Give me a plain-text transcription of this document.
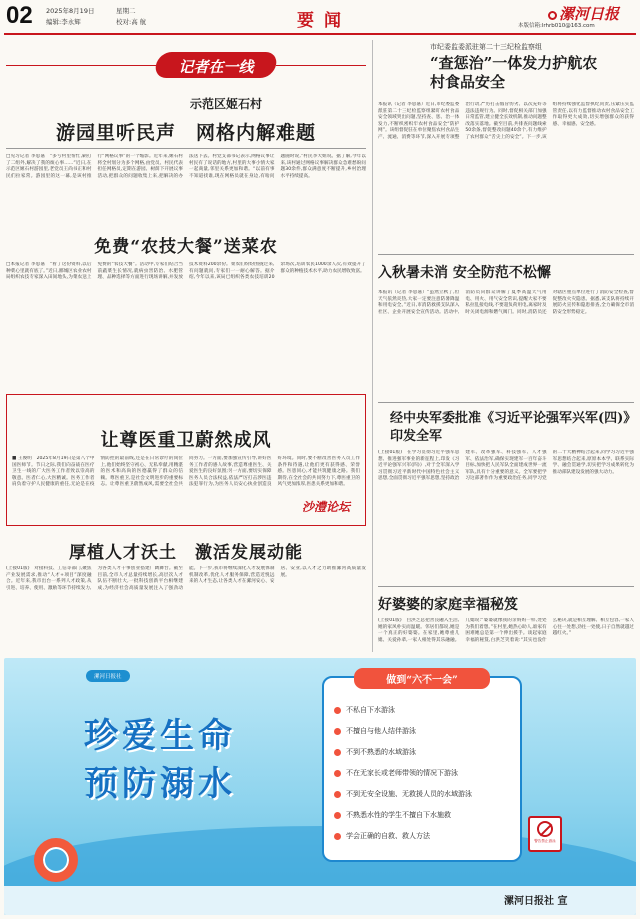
02 2025年8月19日	星期二
编辑:李永辉	校对:高 航	要 闻	漯河日报
本版信箱:lrhrb010@163.com
记者在一线
示范区姬石村
游园里听民声　网格内解难题
□见习记者 李思嘉　“多亏村里帮忙,刷打了二组外,解决了我的烦心事……”近日,在示范区姬石村游园里,老党员王尚书正和村民们拉家常。游园里的这一幕,是该村推行“网格议事”的一个缩影。近年来,姬石村将全村划分为多个网格,由党员、村民代表担任网格员,定期在游园、树荫下开展议事活动,把群众的问题收集上来,把解决的办法送下去。村党支部书记表示,网格议事让村民有了说话的地方,村里的大事小情大家一起商量,邻里关系更加和谐。“以前有事不知道找谁,现在网格员就在身边,有啥问题随时说,”村民李大姐说。据了解,今年以来,该村通过网格议事解决群众急难愁盼问题30余件,群众满意度不断提升,乡村治理水平持续提高。
免费“农技大餐”送菜农
□本报记者 李思嘉　“看了这份资料,以后种菜心里就有底了。”近日,郾城区农业农村局组织农技专家深入田间地头,为菜农送上免费的“农技大餐”。活动中,专家们结合当前蔬菜生长情况,就病虫害防治、水肥管理、品种选择等方面进行现场讲解,并发放技术资料200余份。菜农们纷纷围拢过来,有问题就问,专家们一一耐心解答。据介绍,今年以来,该局已组织各类农技培训20余场次,培训农民1000余人次,有效提升了群众的种植技术水平,助力农民增收致富。
让尊医重卫蔚然成风
■ 王俊明　2025年8月19日是第八个中国医师节。节日之际,我们向奋战在医疗卫生一线的广大医务工作者致以崇高的敬意。医者仁心,大医精诚。医务工作者肩负着守护人民健康的重任,无论是在疫情防控的最前线,还是在日常诊疗的岗位上,他们始终坚守初心、无私奉献,用精湛的医术和高尚的医德赢得了群众的信赖。尊医重卫,是社会文明进步的重要标志。让尊医重卫蔚然成风,需要全社会共同努力。一方面,要加强宣传引导,讲好医务工作者的感人故事,营造尊重医生、关爱医生的良好氛围;另一方面,要切实保障医务人员合法权益,依法严厉打击涉医违法犯罪行为,为医务人员安心执业创造良好环境。同时,要不断改善医务人员工作条件和待遇,让他们更有获得感、荣誉感。医患同心,才能共筑健康之路。我们期待,在全社会的共同努力下,尊医重卫的风气更加浓厚,医患关系更加和谐。
沙澧论坛
厚植人才沃土　激活发展动能
(上接01版)　对接科技、工信等部门,聚焦产业发展需求,推动“人才+项目”深度融合。近年来,我市出台一系列人才政策,从引进、培养、使用、激励等环节持续发力,为各类人才干事创业搭建广阔舞台。截至目前,全市人才总量持续增长,高层次人才队伍不断壮大,一批科技创新平台相继建成,为经济社会高质量发展注入了强劲动能。下一步,我市将继续深化人才发展体制机制改革,优化人才服务保障,营造近悦远来的人才生态,让各类人才在漯河安心、安居、安业,以人才之力助推漯河高质量发展。
市纪委监委派驻第二十三纪检监察组
“查惩治”一体发力护航农村食品安全
本报讯（记者 李思嘉）近日,市纪委监委派驻第二十三纪检监察组紧盯农村食品安全领域突出问题,坚持查、惩、治一体发力,不断织密织牢农村食品安全“防护网”。该组督促驻在单位聚焦农村食品生产、流通、消费等环节,深入开展专项整治行动,严厉打击假冒伪劣、以次充好等违法违规行为。同时,督促相关部门加强日常监管,建立健全长效机制,推动问题整改落实落地。截至目前,共排查问题线索50余条,督促整改问题40余个,有力维护了农村群众“舌尖上的安全”。下一步,该组将持续强化监督执纪问责,压紧压实监管责任,以有力监督推动农村食品安全工作取得更大成效,切实增强群众的获得感、幸福感、安全感。
入秋暑未消 安全防范不松懈
本报讯（记者 李思嘉）“虽然立秋了,但天气依然炎热,大家一定要注意防暑降温和用电安全。”近日,市消防救援支队深入社区、企业开展安全宣传活动。活动中,消防员向群众讲解了夏季高温天气用电、用火、用气安全常识,提醒大家不要私拉乱接电线,不要超负荷用电,离家时及时关闭电源和燃气阀门。同时,消防员还对辖区重点单位进行了消防安全检查,督促整改火灾隐患。据悉,该支队将持续开展防火宣传和隐患排查,全力确保全市消防安全形势稳定。
经中央军委批准《习近平论强军兴军(四)》印发全军
(上接01版)　在学习贯彻习近平强军思想、推进强军事业的新征程上,印发《习近平论强军兴军(四)》,对于全军深入学习贯彻习近平新时代中国特色社会主义思想,全面贯彻习近平强军思想,坚持政治建军、改革强军、科技强军、人才强军、依法治军,确保实现建军一百年奋斗目标,加快把人民军队全面建成世界一流军队,具有十分重要的意义。全军要把学习这部著作作为重要政治任务,同学习党的二十大精神结合起来,同学习习近平强军思想结合起来,原原本本学、联系实际学、融会贯通学,切实把学习成果转化为推动部队建设发展的强大动力。
好婆婆的家庭幸福秘笈
(上接01版)　白洪芝总把善良融入生活,她的家风朴实而温暖。邻居们都说,她是一个真正的好婆婆。在家里,她尊重儿媳、关爱孙辈,一家人相处得其乐融融。儿媳说:“婆婆就像我的亲妈妈一样,处处为我们着想。”在村里,她热心助人,谁家有困难她总是第一个伸出援手。谈起家庭幸福的秘笈,白洪芝笑着说:“其实也没什么秘诀,就是相互理解、相互包容,一家人心往一处想,劲往一处使,日子自然就越过越红火。”
漯河日报社
珍爱生命
预防溺水
做到“六不一会”
不私自下水游泳
不擅自与他人结伴游泳
不到不熟悉的水域游泳
不在无家长或老师带领的情况下游泳
不到无安全设施、无救援人员的水域游泳
不熟悉水性的学生不擅自下水施救
学会正确的自救、救人方法
警告禁止游泳
漯河日报社 宣
